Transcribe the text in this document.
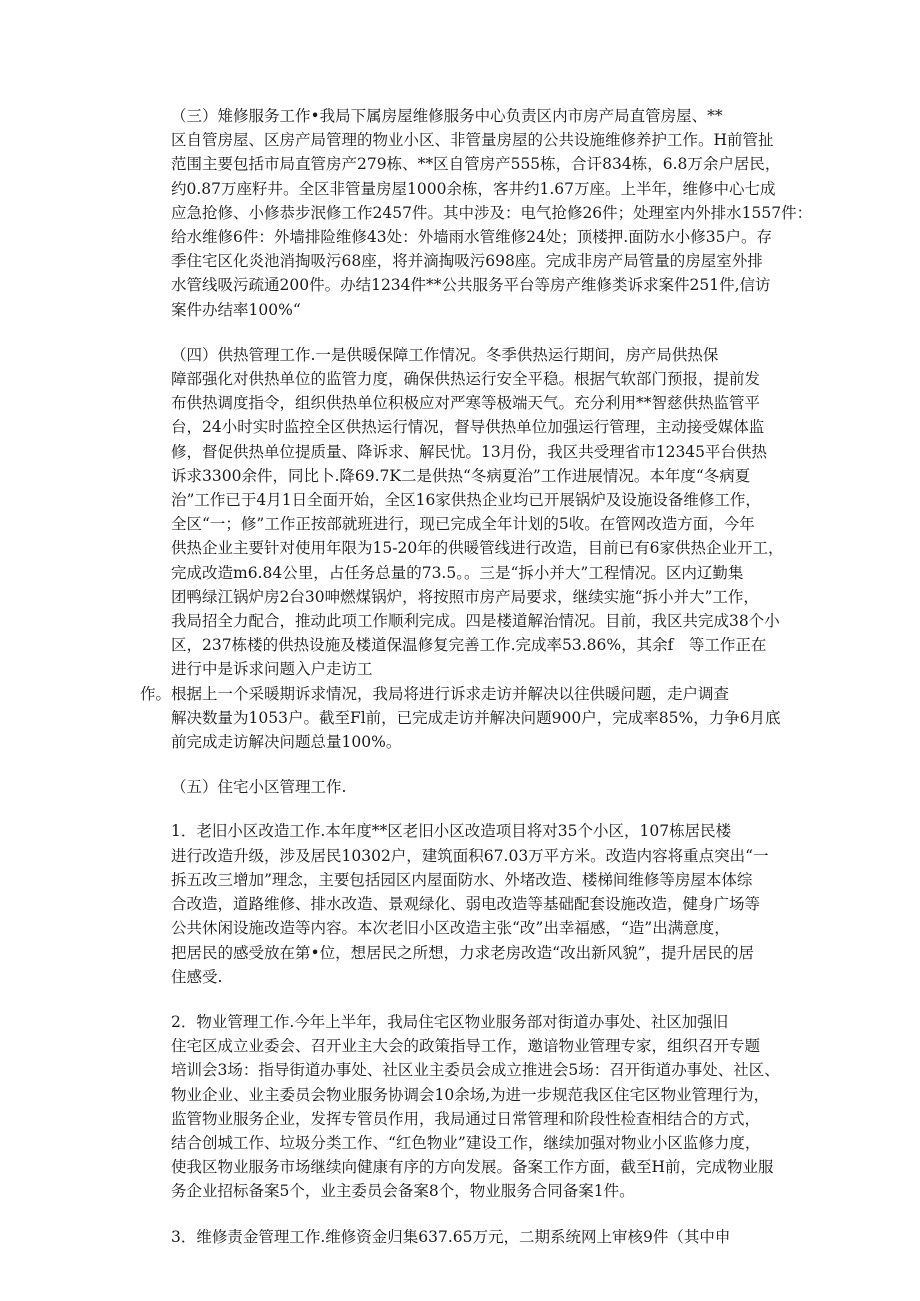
（三）雉修服务工作•我局下属房屋维修服务中心负责区内市房产局直管房屋、**
区自管房屋、区房产局管理的物业小区、非管量房屋的公共设施维修养护工作。H前管扯
范围主要包括市局直管房产279栋、**区自管房产555栋，合讦834栋，6.8万余户居民，
约0.87万座籽井。全区非管量房屋1000余栋，客井约1.67万座。上半年，维修中心七成
应急抢修、小修恭步泯修工作2457件。其中涉及：电气抢修26件；处理室内外排水1557件：
给水维修6件：外墙排险维修43处：外墙雨水管维修24处；顶楼押.面防水小修35户。存
季住宅区化炎池消掏吸污68座，将并滴掏吸污698座。完成非房产局管量的房屋室外排
水管线吸污疏通200件。办结1234件**公共服务平台等房产维修类诉求案件251件,信访
案件办结率100%“

（四）供热管理工作.一是供暖保障工作情况。冬季供热运行期间，房产局供热保
障部强化对供热单位的监管力度，确保供热运行安全平稳。根据气软部门预报，提前发
布供热调度指令，组织供热单位积极应对严寒等极端天气。充分利用**智慈供热监管平
台，24小时实时监控全区供热运行情况，督导供热单位加强运行管理，主动接受媒体监
修，督促供热单位提质量、降诉求、解民忧。13月份，我区共受理省市12345平台供热
诉求3300余件，同比卜.降69.7K二是供热“冬病夏治”工作进展情况。本年度“冬病夏
治”工作已于4月1日全面开始，全区16家供热企业均已开展锅炉及设施设备维修工作，
全区“一；修”工作正按部就班进行，现已完成全年计划的5收。在管网改造方面，今年
供热企业主要针对使用年限为15-20年的供暖管线进行改造，目前已有6家供热企业开工，
完成改造m6.84公里，占任务总量的73.5。。三是“拆小并大”工程情况。区内辽勤集
团鸭绿江锅炉房2台30呻燃煤锅炉，将按照市房产局要求，继续实施“拆小并大”工作，
我局招全力配合，推动此项工作顺利完成。四是楼道解治情况。目前，我区共完成38个小
区，237栋楼的供热设施及楼道保温修复完善工作.完成率53.86%，其余f　等工作正在
进行中是诉求问题入户走访工
作。根据上一个采暖期诉求情况，我局将进行诉求走访并解决以往供暖问题，走户调查
解决数量为1053户。截至Fl前，已完成走访并解决问题900户，完成率85%，力争6月底
前完成走访解决问题总量100%。

（五）住宅小区管理工作.

1．老旧小区改造工作.本年度**区老旧小区改造项目将对35个小区，107栋居民楼
进行改造升级，涉及居民10302户，建筑面积67.03万平方米。改造内容将重点突出“一
拆五改三增加”理念，主要包括园区内屋面防水、外堵改造、楼梯间维修等房屋本体综
合改造，道路维修、排水改造、景观绿化、弱电改造等基础配套设施改造，健身广场等
公共休闲设施改造等内容。本次老旧小区改造主张“改”出幸福感，“造”出满意度，
把居民的感受放在第•位，想居民之所想，力求老房改造“改出新风貌”，提升居民的居
住感受.

2．物业管理工作.今年上半年，我局住宅区物业服务部对街道办事处、社区加强旧
住宅区成立业委会、召开业主大会的政策指导工作，邀谙物业管理专家，组织召开专题
培训会3场：指导街道办事处、社区业主委员会成立推进会5场：召开街道办事处、社区、
物业企业、业主委员会物业服务协调会10余场,为进一步规范我区住宅区物业管理行为，
监管物业服务企业，发挥专管员作用，我局通过日常管理和阶段性检查相结合的方式，
结合创城工作、垃圾分类工作、“红色物业”建设工作，继续加强对物业小区监修力度，
使我区物业服务市场继续向健康有序的方向发展。备案工作方面，截至H前，完成物业服
务企业招标备案5个，业主委员会备案8个，物业服务合同备案1件。

3．维修责金管理工作.维修资金归集637.65万元，二期系统网上审核9件（其中申
